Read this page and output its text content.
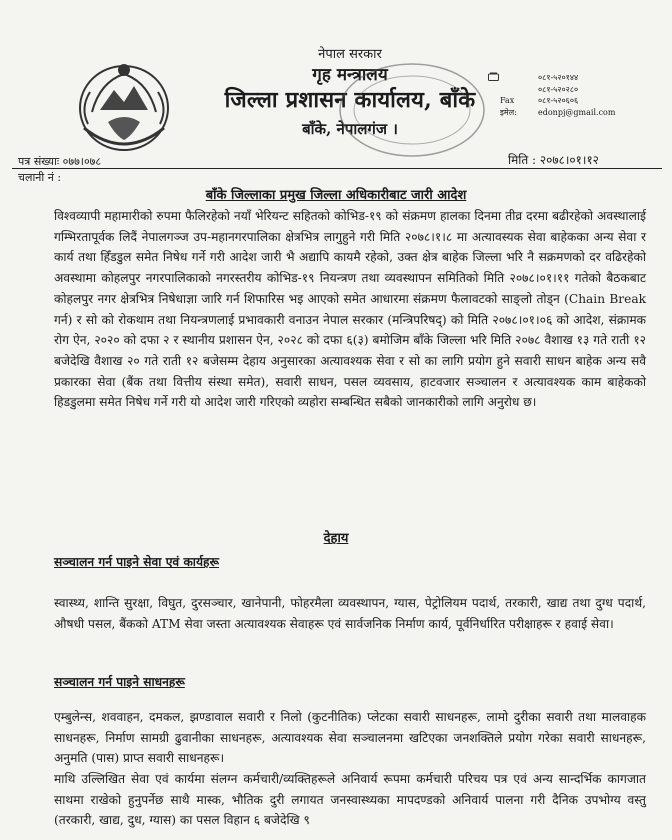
नेपाल सरकार
गृह मन्त्रालय
जिल्ला प्रशासन कार्यालय, बाँके
बाँके, नेपालगंज ।
०८१-५२०१४४
०८१-५२०२८०
Fax	०८१-५२०६०६
इमेल:	edonpj@gmail.com
पत्र संख्याः ०७७।०७८
चलानी नं :
मिति : २०७८।०१।१२
बाँके जिल्लाका प्रमुख जिल्ला अधिकारीबाट जारी आदेश

विश्वव्यापी महामारीको रुपमा फैलिरहेको नयाँ भेरियन्ट सहितको कोभिड-१९ को संक्रमण हालका दिनमा तीव्र दरमा बढीरहेको अवस्थालाई गम्भिरतापूर्वक लिदैं नेपालगञ्ज उप-महानगरपालिका क्षेत्रभित्र लागुहुने गरी मिति २०७८।१।८ मा अत्यावस्यक सेवा बाहेकका अन्य सेवा र कार्य तथा हिँडडुल समेत निषेध गर्ने गरी आदेश जारी भै अद्यापि कायमै रहेको, उक्त क्षेत्र बाहेक जिल्ला भरि नै सक्रमणको दर वढिरहेको अवस्थामा कोहलपुर नगरपालिकाको नगरस्तरीय कोभिड-१९ नियन्त्रण तथा व्यवस्थापन समितिको मिति २०७८।०१।११ गतेको बैठकबाट कोहलपुर नगर क्षेत्रभित्र निषेधाज्ञा जारि गर्न शिफारिस भइ आएको समेत आधारमा संक्रमण फैलावटको साङ्लो तोड्न (Chain Break गर्न) र सो को रोकथाम तथा नियन्त्रणलाई प्रभावकारी वनाउन नेपाल सरकार (मन्त्रिपरिषद्) को मिति २०७८।०१।०६ को आदेश, संक्रामक रोग ऐन, २०२० को दफा २ र स्थानीय प्रशासन ऐन, २०२८ को दफा ६(३) बमोजिम बाँके जिल्ला भरि मिति २०७८ वैशाख १३ गते राती १२ बजेदेखि वैशाख २० गते राती १२ बजेसम्म देहाय अनुसारका अत्यावश्यक सेवा र सो का लागि प्रयोग हुने सवारी साधन बाहेक अन्य सवै प्रकारका सेवा (बैंक तथा वित्तीय संस्था समेत), सवारी साधन, पसल व्यवसाय, हाटवजार सञ्चालन र अत्यावश्यक काम बाहेकको हिडडुलमा समेत निषेध गर्ने गरी यो आदेश जारी गरिएको व्यहोरा सम्बन्धित सबैको जानकारीको लागि अनुरोध छ।

देहाय
सञ्चालन गर्न पाइने सेवा एवं कार्यहरू
स्वास्थ्य, शान्ति सुरक्षा, विघुत, दुरसञ्चार, खानेपानी, फोहरमैला व्यवस्थापन, ग्यास, पेट्रोलियम पदार्थ, तरकारी, खाद्य तथा दुग्ध पदार्थ, औषधी पसल, बैंकको ATM सेवा जस्ता अत्यावश्यक सेवाहरू एवं सार्वजनिक निर्माण कार्य, पूर्वनिर्धारित परीक्षाहरू र हवाई सेवा।
सञ्चालन गर्न पाइने साधनहरू
एम्बुलेन्स, शववाहन, दमकल, झण्डावाल सवारी र निलो (कुटनीतिक) प्लेटका सवारी साधनहरू, लामो दुरीका सवारी तथा मालवाहक साधनहरू, निर्माण सामग्री ढुवानीका साधनहरू, अत्यावश्यक सेवा सञ्चालनमा खटिएका जनशक्तिले प्रयोग गरेका सवारी साधनहरू, अनुमति (पास) प्राप्त सवारी साधनहरू।
माथि उल्लिखित सेवा एवं कार्यमा संलग्न कर्मचारी/व्यक्तिहरूले अनिवार्य रूपमा कर्मचारी परिचय पत्र एवं अन्य सान्दर्भिक कागजात साथमा राखेको हुनुपर्नेछ साथै मास्क, भौतिक दुरी लगायत जनस्वास्थ्यका मापदण्डको अनिवार्य पालना गरी दैनिक उपभोग्य वस्तु (तरकारी, खाद्य, दुध, ग्यास) का पसल विहान ६ बजेदेखि ९
